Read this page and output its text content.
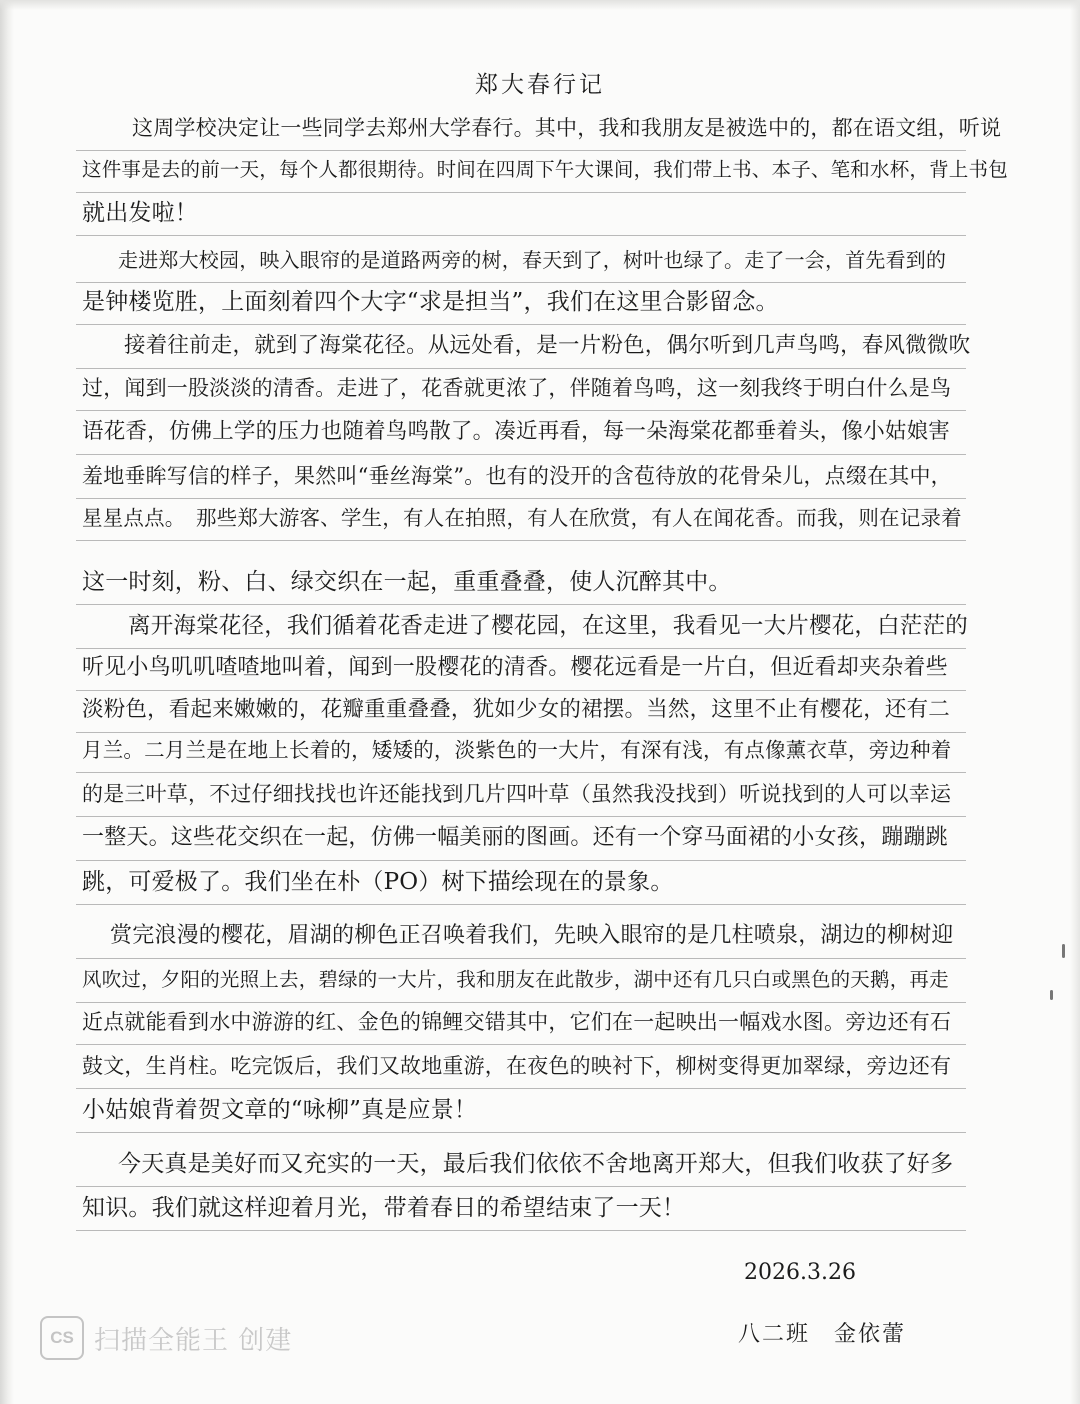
郑大春行记
这周学校决定让一些同学去郑州大学春行。其中，我和我朋友是被选中的，都在语文组，听说
这件事是去的前一天，每个人都很期待。时间在四周下午大课间，我们带上书、本子、笔和水杯，背上书包
就出发啦！
走进郑大校园，映入眼帘的是道路两旁的树，春天到了，树叶也绿了。走了一会，首先看到的
是钟楼览胜，上面刻着四个大字“求是担当”，我们在这里合影留念。
接着往前走，就到了海棠花径。从远处看，是一片粉色，偶尔听到几声鸟鸣，春风微微吹
过，闻到一股淡淡的清香。走进了，花香就更浓了，伴随着鸟鸣，这一刻我终于明白什么是鸟
语花香，仿佛上学的压力也随着鸟鸣散了。凑近再看，每一朵海棠花都垂着头，像小姑娘害
羞地垂眸写信的样子，果然叫“垂丝海棠”。也有的没开的含苞待放的花骨朵儿，点缀在其中，
星星点点。　那些郑大游客、学生，有人在拍照，有人在欣赏，有人在闻花香。而我，则在记录着
这一时刻，粉、白、绿交织在一起，重重叠叠，使人沉醉其中。
离开海棠花径，我们循着花香走进了樱花园，在这里，我看见一大片樱花，白茫茫的
听见小鸟叽叽喳喳地叫着，闻到一股樱花的清香。樱花远看是一片白，但近看却夹杂着些
淡粉色，看起来嫩嫩的，花瓣重重叠叠，犹如少女的裙摆。当然，这里不止有樱花，还有二
月兰。二月兰是在地上长着的，矮矮的，淡紫色的一大片，有深有浅，有点像薰衣草，旁边种着
的是三叶草，不过仔细找找也许还能找到几片四叶草（虽然我没找到）听说找到的人可以幸运
一整天。这些花交织在一起，仿佛一幅美丽的图画。还有一个穿马面裙的小女孩，蹦蹦跳
跳，可爱极了。我们坐在朴（PO）树下描绘现在的景象。
赏完浪漫的樱花，眉湖的柳色正召唤着我们，先映入眼帘的是几柱喷泉，湖边的柳树迎
风吹过，夕阳的光照上去，碧绿的一大片，我和朋友在此散步，湖中还有几只白或黑色的天鹅，再走
近点就能看到水中游游的红、金色的锦鲤交错其中，它们在一起映出一幅戏水图。旁边还有石
鼓文，生肖柱。吃完饭后，我们又故地重游，在夜色的映衬下，柳树变得更加翠绿，旁边还有
小姑娘背着贺文章的“咏柳”真是应景！
今天真是美好而又充实的一天，最后我们依依不舍地离开郑大，但我们收获了好多
知识。我们就这样迎着月光，带着春日的希望结束了一天！
2026.3.26
八二班　金依蕾
CS 扫描全能王 创建
